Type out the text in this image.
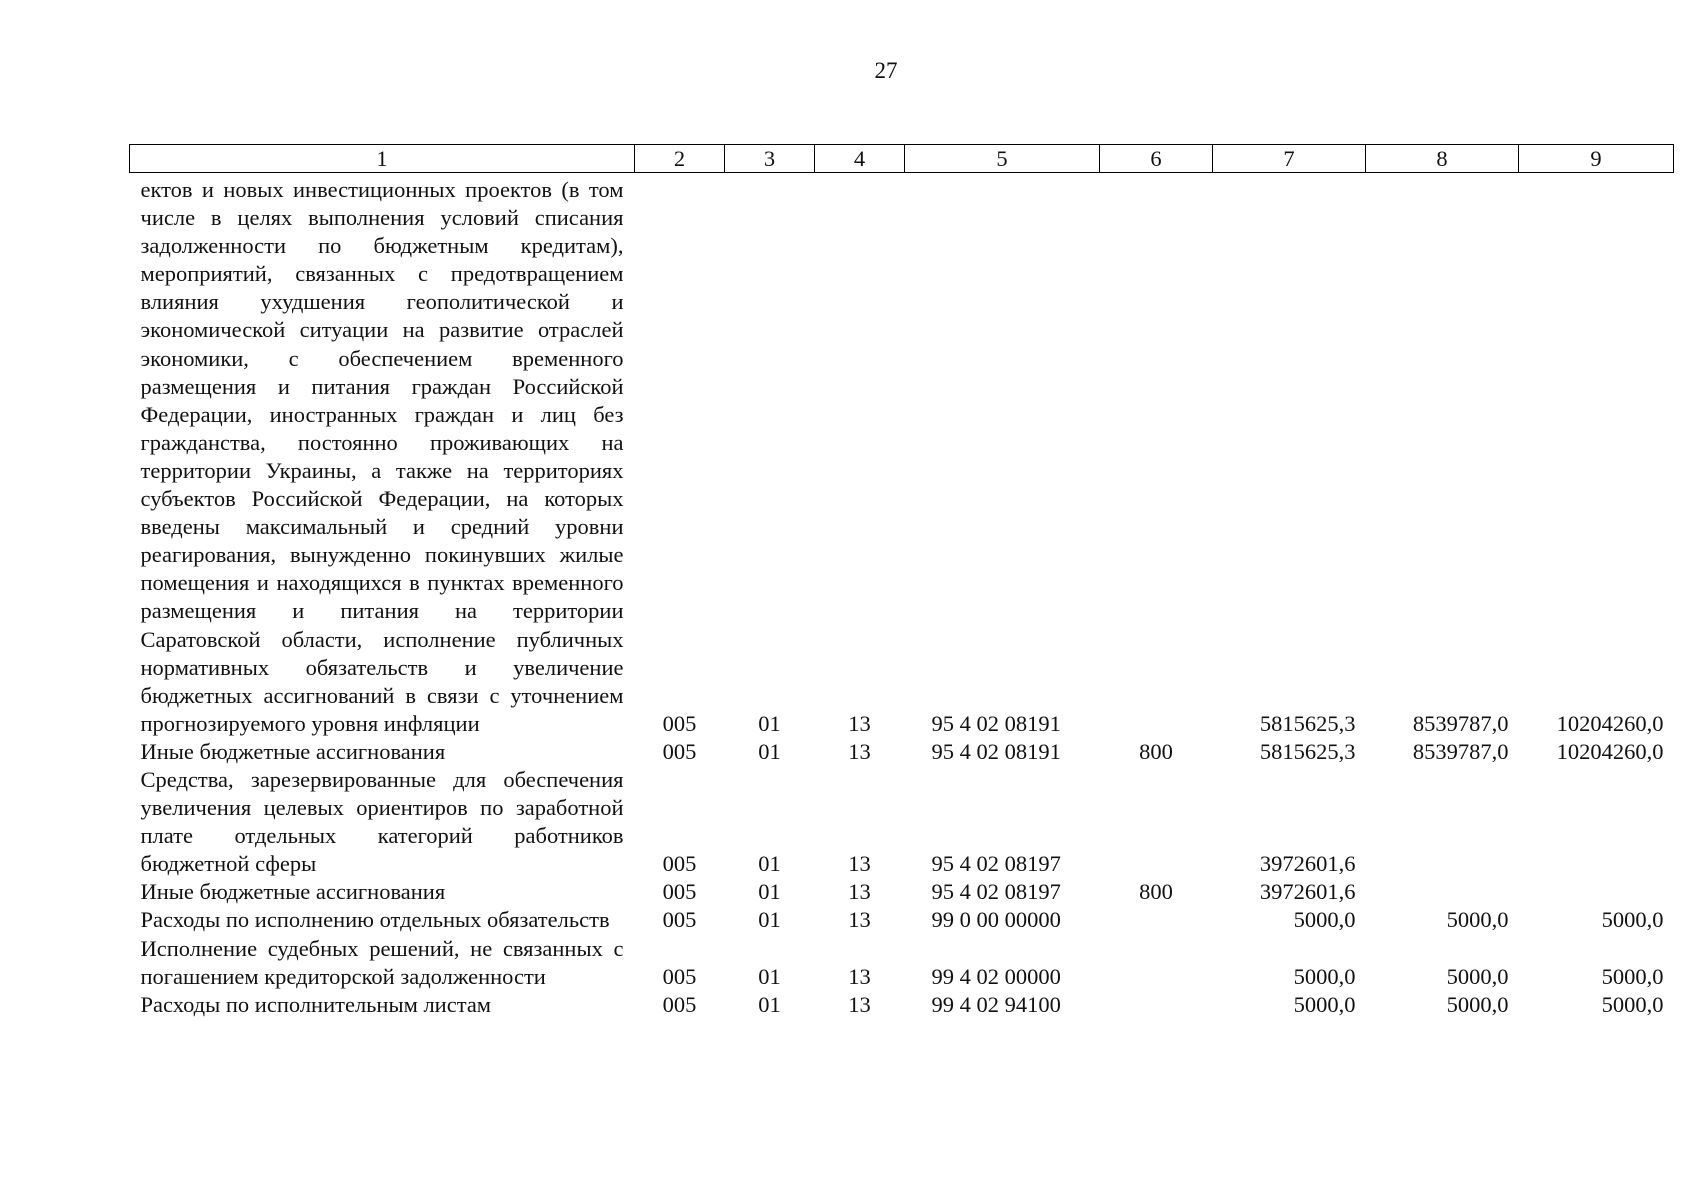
27
1	2	3	4	5	6	7	8	9
ектов и новых инвестиционных проектов (в том числе в целях выполнения условий списания задолженности по бюджетным кредитам), мероприятий, связанных с предотвращением влияния ухудшения геополитической и экономической ситуации на развитие отраслей экономики, с обеспечением временного размещения и питания граждан Российской Федерации, иностранных граждан и лиц без гражданства, постоянно проживающих на территории Украины, а также на территориях субъектов Российской Федерации, на которых введены максимальный и средний уровни реагирования, вынужденно покинувших жилые помещения и находящихся в пунктах временного размещения и питания на территории Саратовской области, исполнение публичных нормативных обязательств и увеличение бюджетных ассигнований в связи с уточнением прогнозируемого уровня инфляции	005	01	13	95 4 02 08191		5815625,3	8539787,0	10204260,0
Иные бюджетные ассигнования	005	01	13	95 4 02 08191	800	5815625,3	8539787,0	10204260,0
Средства, зарезервированные для обеспечения увеличения целевых ориентиров по заработной плате отдельных категорий работников бюджетной сферы	005	01	13	95 4 02 08197		3972601,6		
Иные бюджетные ассигнования	005	01	13	95 4 02 08197	800	3972601,6		
Расходы по исполнению отдельных обязательств	005	01	13	99 0 00 00000		5000,0	5000,0	5000,0
Исполнение судебных решений, не связанных с погашением кредиторской задолженности	005	01	13	99 4 02 00000		5000,0	5000,0	5000,0
Расходы по исполнительным листам	005	01	13	99 4 02 94100		5000,0	5000,0	5000,0
